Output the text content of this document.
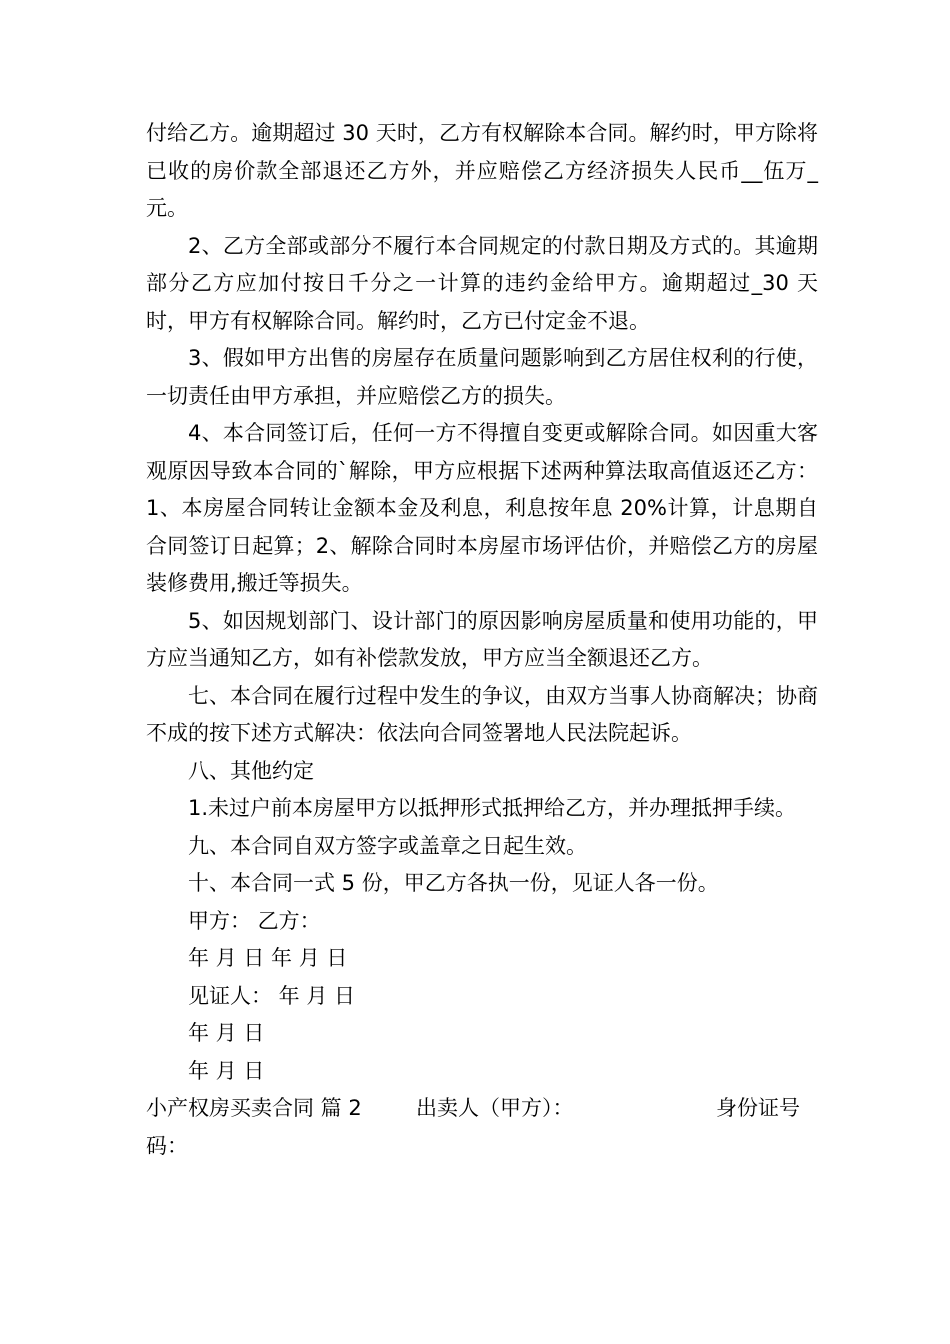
付给乙方。逾期超过 30 天时，乙方有权解除本合同。解约时，甲方除将已收的房价款全部退还乙方外，并应赔偿乙方经济损失人民币__伍万_元。

2、乙方全部或部分不履行本合同规定的付款日期及方式的。其逾期部分乙方应加付按日千分之一计算的违约金给甲方。逾期超过_30 天时，甲方有权解除合同。解约时，乙方已付定金不退。

3、假如甲方出售的房屋存在质量问题影响到乙方居住权利的行使，一切责任由甲方承担，并应赔偿乙方的损失。

4、本合同签订后，任何一方不得擅自变更或解除合同。如因重大客观原因导致本合同的`解除，甲方应根据下述两种算法取高值返还乙方：1、本房屋合同转让金额本金及利息，利息按年息 20%计算，计息期自合同签订日起算；2、解除合同时本房屋市场评估价，并赔偿乙方的房屋装修费用,搬迁等损失。

5、如因规划部门、设计部门的原因影响房屋质量和使用功能的，甲方应当通知乙方，如有补偿款发放，甲方应当全额退还乙方。

七、本合同在履行过程中发生的争议，由双方当事人协商解决；协商不成的按下述方式解决：依法向合同签署地人民法院起诉。

八、其他约定

1.未过户前本房屋甲方以抵押形式抵押给乙方，并办理抵押手续。

九、本合同自双方签字或盖章之日起生效。

十、本合同一式 5 份，甲乙方各执一份，见证人各一份。

甲方： 乙方：

年 月 日 年 月 日

见证人： 年 月 日

年 月 日

年 月 日

小产权房买卖合同 篇 2	出卖人（甲方）：	身份证号码：
